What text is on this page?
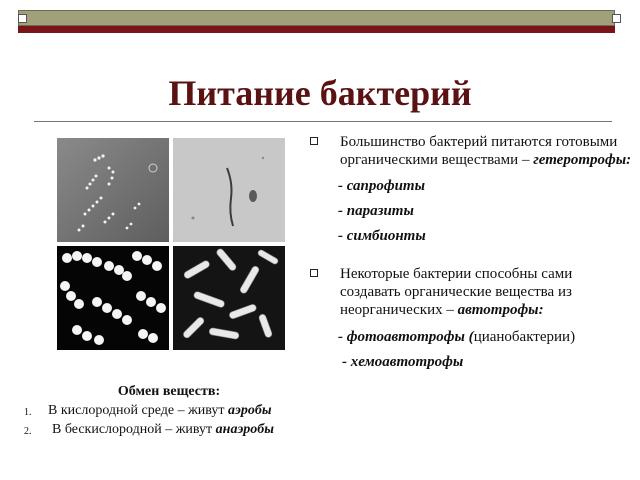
Питание бактерий
Большинство бактерий питаются готовыми органическими веществами – гетеротрофы:
- сапрофиты
- паразиты
- симбионты
Некоторые бактерии способны сами создавать органические вещества из неорганических – автотрофы:
- фотоавтотрофы (цианобактерии)
- хемоавтотрофы
Обмен веществ:
1. В кислородной среде – живут аэробы
2. В бескислородной – живут анаэробы
